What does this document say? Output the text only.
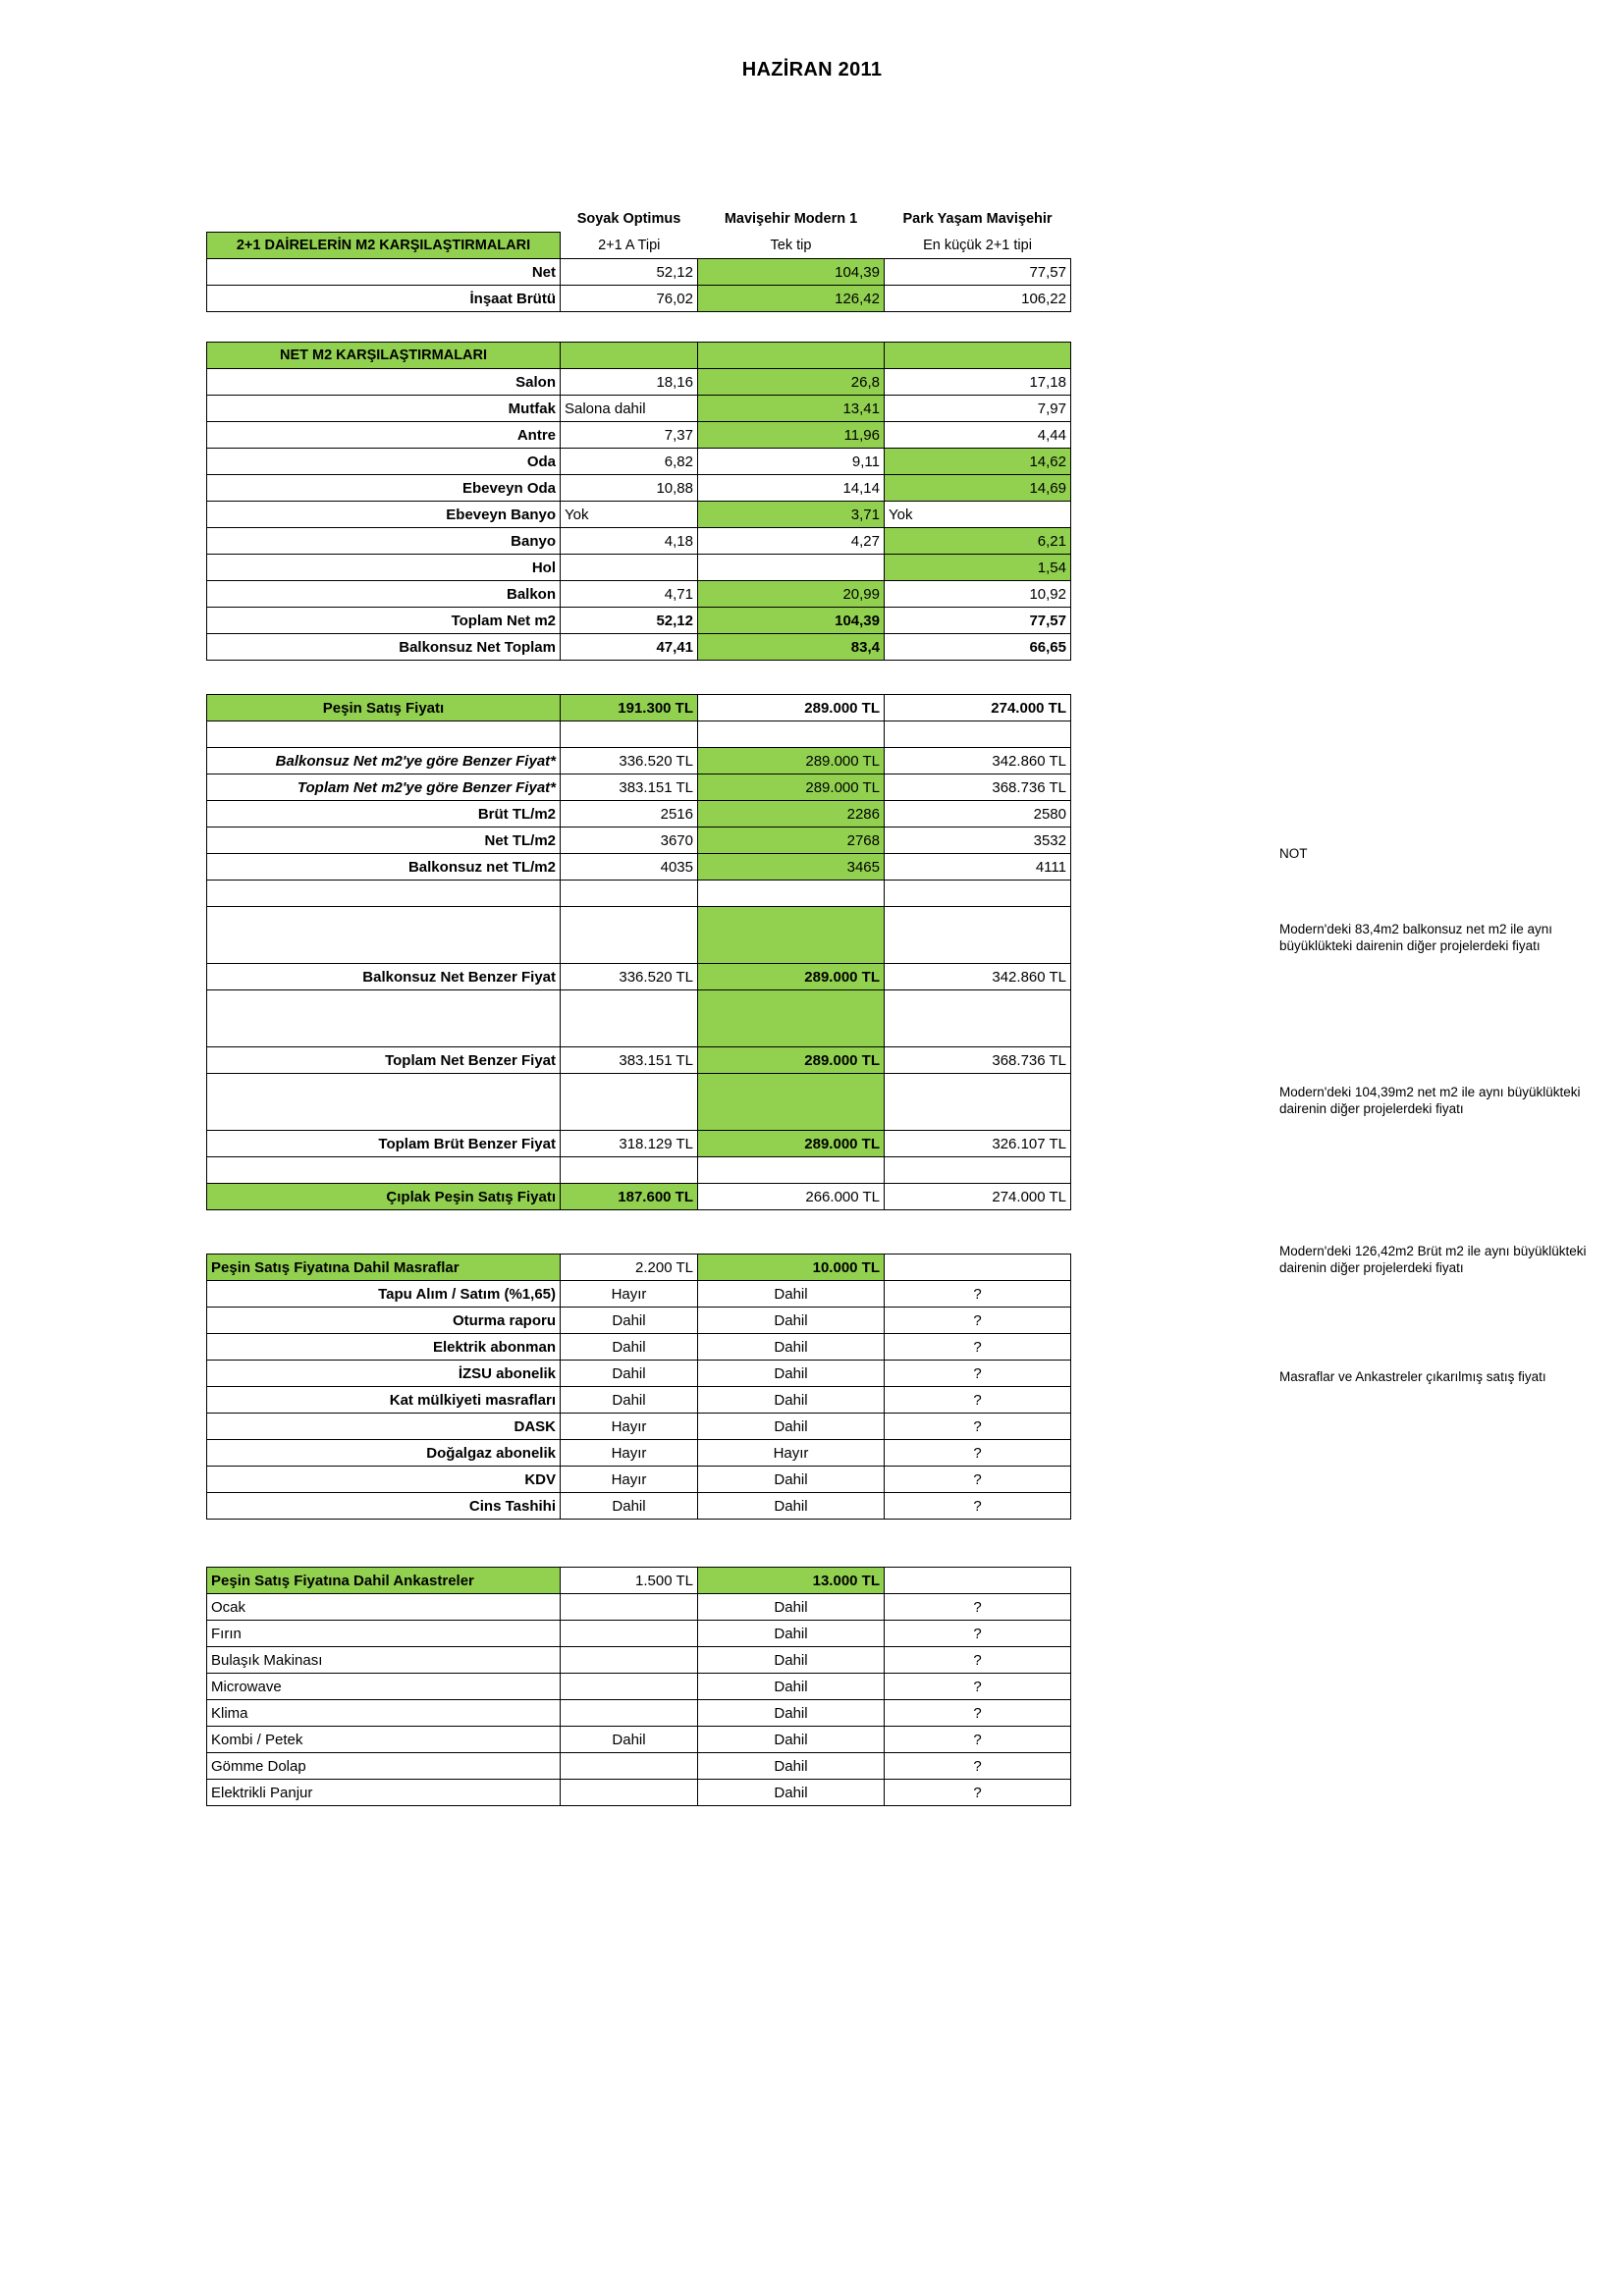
HAZİRAN 2011
	Soyak Optimus	Mavişehir Modern 1	Park Yaşam Mavişehir
2+1 DAİRELERİN M2 KARŞILAŞTIRMALARI	2+1 A Tipi	Tek tip	En küçük 2+1 tipi
Net	52,12	104,39	77,57
İnşaat Brütü	76,02	126,42	106,22
NET M2 KARŞILAŞTIRMALARI			
Salon	18,16	26,8	17,18
Mutfak	Salona dahil	13,41	7,97
Antre	7,37	11,96	4,44
Oda	6,82	9,11	14,62
Ebeveyn Oda	10,88	14,14	14,69
Ebeveyn Banyo	Yok	3,71	Yok
Banyo	4,18	4,27	6,21
Hol			1,54
Balkon	4,71	20,99	10,92
Toplam Net m2	52,12	104,39	77,57
Balkonsuz Net Toplam	47,41	83,4	66,65
Peşin Satış Fiyatı	191.300 TL	289.000 TL	274.000 TL

Balkonsuz Net m2'ye göre Benzer Fiyat*	336.520 TL	289.000 TL	342.860 TL
Toplam Net m2'ye göre Benzer Fiyat*	383.151 TL	289.000 TL	368.736 TL
Brüt TL/m2	2516	2286	2580
Net TL/m2	3670	2768	3532
Balkonsuz net TL/m2	4035	3465	4111

Balkonsuz Net Benzer Fiyat	336.520 TL	289.000 TL	342.860 TL

Toplam Net Benzer Fiyat	383.151 TL	289.000 TL	368.736 TL

Toplam Brüt Benzer Fiyat	318.129 TL	289.000 TL	326.107 TL

Çıplak Peşin Satış Fiyatı	187.600 TL	266.000 TL	274.000 TL
NOT
Modern'deki 83,4m2 balkonsuz net m2 ile aynı büyüklükteki dairenin diğer projelerdeki fiyatı
Modern'deki 104,39m2 net m2 ile aynı büyüklükteki dairenin diğer projelerdeki fiyatı
Modern'deki 126,42m2 Brüt m2 ile aynı büyüklükteki dairenin diğer projelerdeki fiyatı
Masraflar ve Ankastreler çıkarılmış satış fiyatı
Peşin Satış Fiyatına Dahil Masraflar	2.200 TL	10.000 TL	
Tapu Alım / Satım (%1,65)	Hayır	Dahil	?
Oturma raporu	Dahil	Dahil	?
Elektrik abonman	Dahil	Dahil	?
İZSU abonelik	Dahil	Dahil	?
Kat mülkiyeti masrafları	Dahil	Dahil	?
DASK	Hayır	Dahil	?
Doğalgaz abonelik	Hayır	Hayır	?
KDV	Hayır	Dahil	?
Cins Tashihi	Dahil	Dahil	?
Peşin Satış Fiyatına Dahil Ankastreler	1.500 TL	13.000 TL	
Ocak		Dahil	?
Fırın		Dahil	?
Bulaşık Makinası		Dahil	?
Microwave		Dahil	?
Klima		Dahil	?
Kombi / Petek	Dahil	Dahil	?
Gömme Dolap		Dahil	?
Elektrikli Panjur		Dahil	?
